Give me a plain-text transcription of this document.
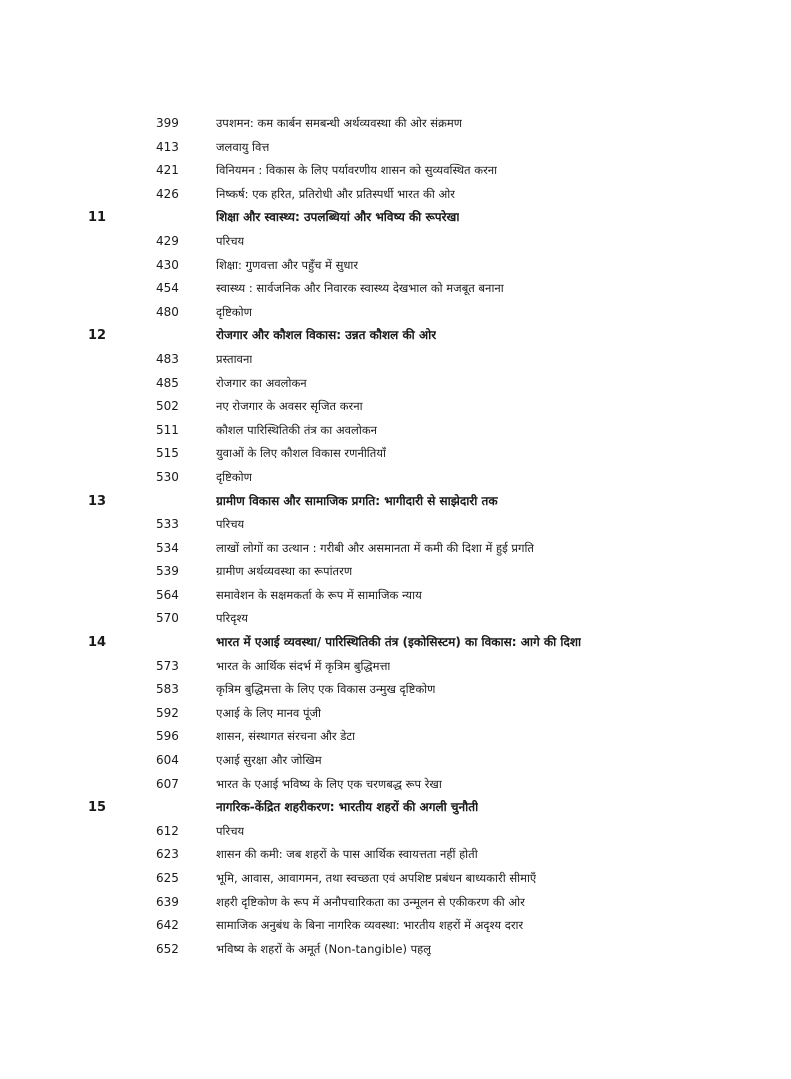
399	उपशमन: कम कार्बन समबन्धी अर्थव्यवस्था की ओर संक्रमण
413	जलवायु वित्त
421	विनियमन : विकास के लिए पर्यावरणीय शासन को सुव्यवस्थित करना
426	निष्कर्ष: एक हरित, प्रतिरोधी और प्रतिस्पर्धी भारत की ओर
11	शिक्षा और स्वास्थ्य: उपलब्धियां और भविष्य की रूपरेखा
429	परिचय
430	शिक्षा: गुणवत्ता और पहुँच में सुधार
454	स्वास्थ्य : सार्वजनिक और निवारक स्वास्थ्य देखभाल को मजबूत बनाना
480	दृष्टिकोण
12	रोजगार और कौशल विकास: उन्नत कौशल की ओर
483	प्रस्तावना
485	रोजगार का अवलोकन
502	नए रोजगार के अवसर सृजित करना
511	कौशल पारिस्थितिकी तंत्र का अवलोकन
515	युवाओं के लिए कौशल विकास रणनीतियाँ
530	दृष्टिकोण
13	ग्रामीण विकास और सामाजिक प्रगति: भागीदारी से साझेदारी तक
533	परिचय
534	लाखों लोगों का उत्थान : गरीबी और असमानता में कमी की दिशा में हुई प्रगति
539	ग्रामीण अर्थव्यवस्था का रूपांतरण
564	समावेशन के सक्षमकर्ता के रूप में सामाजिक न्याय
570	परिदृश्य
14	भारत में एआई व्यवस्था/ पारिस्थितिकी तंत्र (इकोसिस्टम) का विकास: आगे की दिशा
573	भारत के आर्थिक संदर्भ में कृत्रिम बुद्धिमत्ता
583	कृत्रिम बुद्धिमत्ता के लिए एक विकास उन्मुख दृष्टिकोण
592	एआई के लिए मानव पूंजी
596	शासन, संस्थागत संरचना और डेटा
604	एआई सुरक्षा और जोखिम
607	भारत के एआई भविष्य के लिए एक चरणबद्ध रूप रेखा
15	नागरिक-केंद्रित शहरीकरण: भारतीय शहरों की अगली चुनौती
612	परिचय
623	शासन की कमी: जब शहरों के पास आर्थिक स्वायत्तता नहीं होती
625	भूमि, आवास, आवागमन, तथा स्वच्छता एवं अपशिष्ट प्रबंधन बाध्यकारी सीमाएँ
639	शहरी दृष्टिकोण के रूप में अनौपचारिकता का उन्मूलन से एकीकरण की ओर
642	सामाजिक अनुबंध के बिना नागरिक व्यवस्था: भारतीय शहरों में अदृश्य दरार
652	भविष्य के शहरों के अमूर्त (Non-tangible) पहलू
